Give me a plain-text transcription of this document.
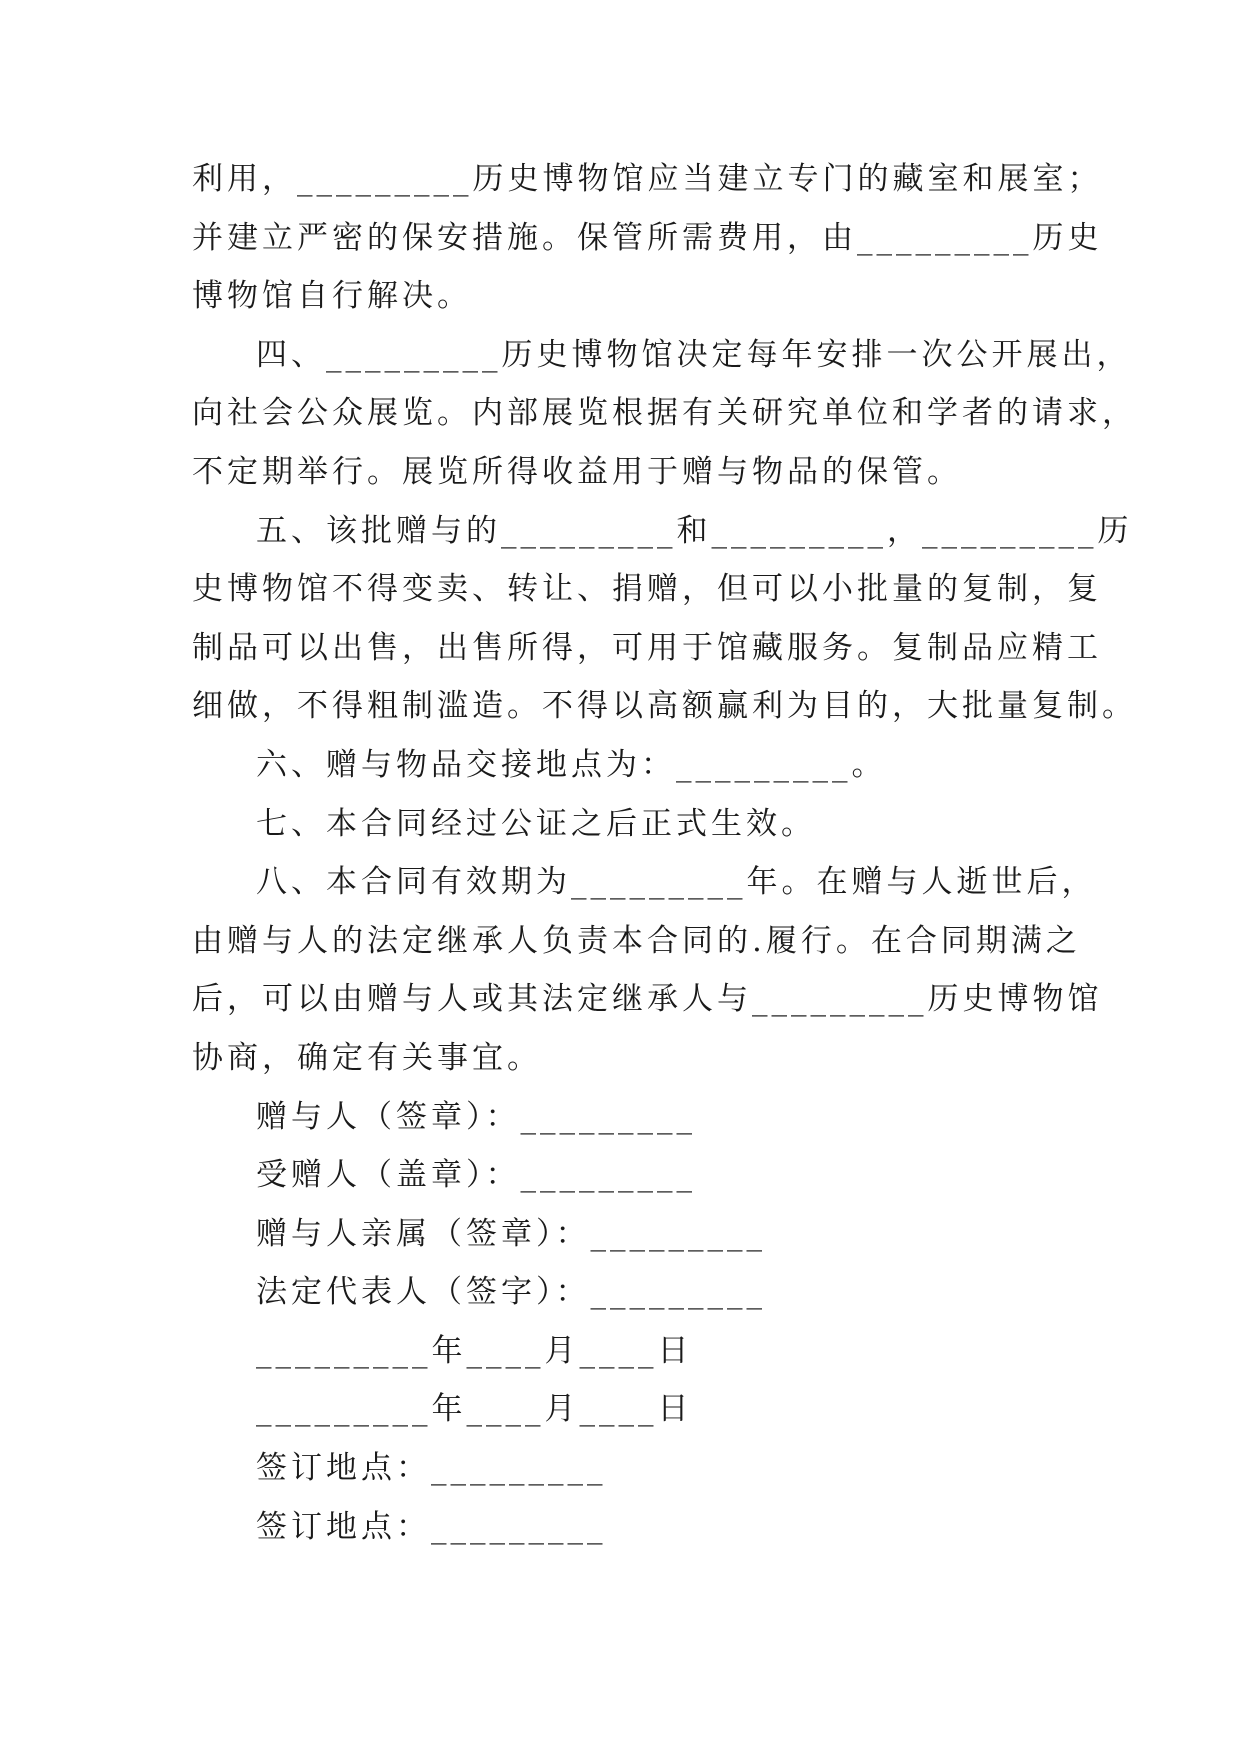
利用，_________历史博物馆应当建立专门的藏室和展室；
并建立严密的保安措施。保管所需费用，由_________历史
博物馆自行解决。
四、_________历史博物馆决定每年安排一次公开展出，
向社会公众展览。内部展览根据有关研究单位和学者的请求，
不定期举行。展览所得收益用于赠与物品的保管。
五、该批赠与的_________和_________，_________历
史博物馆不得变卖、转让、捐赠，但可以小批量的复制，复
制品可以出售，出售所得，可用于馆藏服务。复制品应精工
细做，不得粗制滥造。不得以高额赢利为目的，大批量复制。
六、赠与物品交接地点为：_________。
七、本合同经过公证之后正式生效。
八、本合同有效期为_________年。在赠与人逝世后，
由赠与人的法定继承人负责本合同的.履行。在合同期满之
后，可以由赠与人或其法定继承人与_________历史博物馆
协商，确定有关事宜。
赠与人（签章）：_________
受赠人（盖章）：_________
赠与人亲属（签章）：_________
法定代表人（签字）：_________
_________年____月____日
_________年____月____日
签订地点：_________
签订地点：_________
